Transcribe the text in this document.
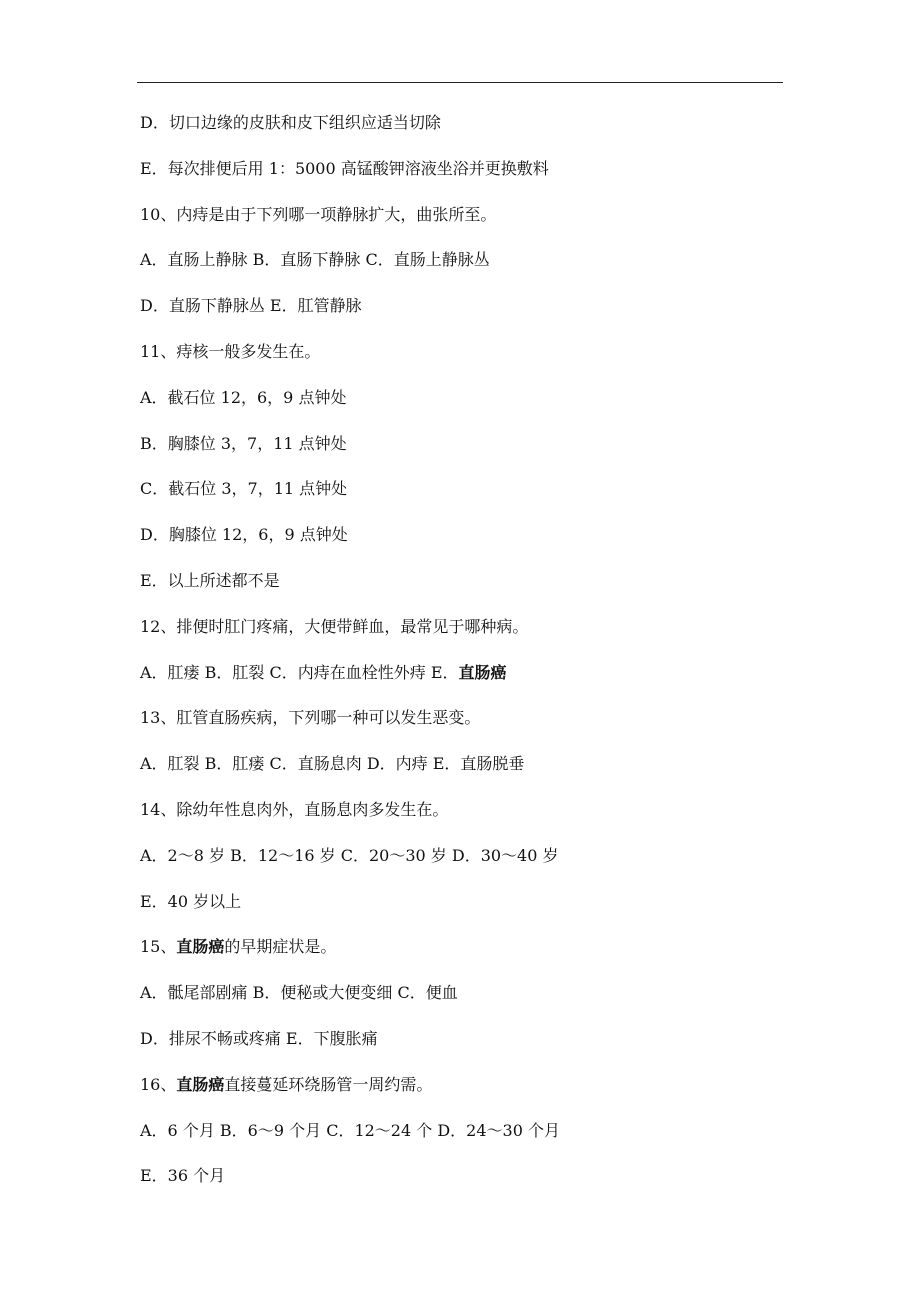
D．切口边缘的皮肤和皮下组织应适当切除
E．每次排便后用 1：5000 高锰酸钾溶液坐浴并更换敷料
10、内痔是由于下列哪一项静脉扩大，曲张所至。
A．直肠上静脉 B．直肠下静脉 C．直肠上静脉丛
D．直肠下静脉丛 E．肛管静脉
11、痔核一般多发生在。
A．截石位 12，6，9 点钟处
B．胸膝位 3，7，11 点钟处
C．截石位 3，7，11 点钟处
D．胸膝位 12，6，9 点钟处
E．以上所述都不是
12、排便时肛门疼痛，大便带鲜血，最常见于哪种病。
A．肛瘘 B．肛裂 C．内痔在血栓性外痔 E．直肠癌
13、肛管直肠疾病，下列哪一种可以发生恶变。
A．肛裂 B．肛瘘 C．直肠息肉 D．内痔 E．直肠脱垂
14、除幼年性息肉外，直肠息肉多发生在。
A．2～8 岁 B．12～16 岁 C．20～30 岁 D．30～40 岁
E．40 岁以上
15、直肠癌的早期症状是。
A．骶尾部剧痛 B．便秘或大便变细 C．便血
D．排尿不畅或疼痛 E．下腹胀痛
16、直肠癌直接蔓延环绕肠管一周约需。
A．6 个月 B．6～9 个月 C．12～24 个 D．24～30 个月
E．36 个月
